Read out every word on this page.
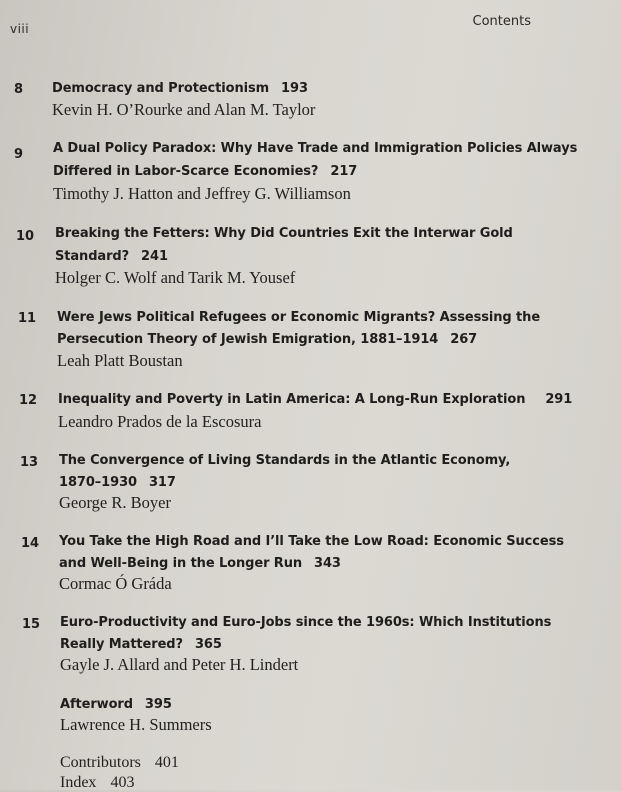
viii	Contents
8 Democracy and Protectionism 193
Kevin H. O’Rourke and Alan M. Taylor
9 A Dual Policy Paradox: Why Have Trade and Immigration Policies Always
Differed in Labor-Scarce Economies? 217
Timothy J. Hatton and Jeffrey G. Williamson
10 Breaking the Fetters: Why Did Countries Exit the Interwar Gold
Standard? 241
Holger C. Wolf and Tarik M. Yousef
11 Were Jews Political Refugees or Economic Migrants? Assessing the
Persecution Theory of Jewish Emigration, 1881–1914 267
Leah Platt Boustan
12 Inequality and Poverty in Latin America: A Long-Run Exploration 291
Leandro Prados de la Escosura
13 The Convergence of Living Standards in the Atlantic Economy,
1870–1930 317
George R. Boyer
14 You Take the High Road and I’ll Take the Low Road: Economic Success
and Well-Being in the Longer Run 343
Cormac Ó Gráda
15 Euro-Productivity and Euro-Jobs since the 1960s: Which Institutions
Really Mattered? 365
Gayle J. Allard and Peter H. Lindert
Afterword 395
Lawrence H. Summers
Contributors 401
Index 403
